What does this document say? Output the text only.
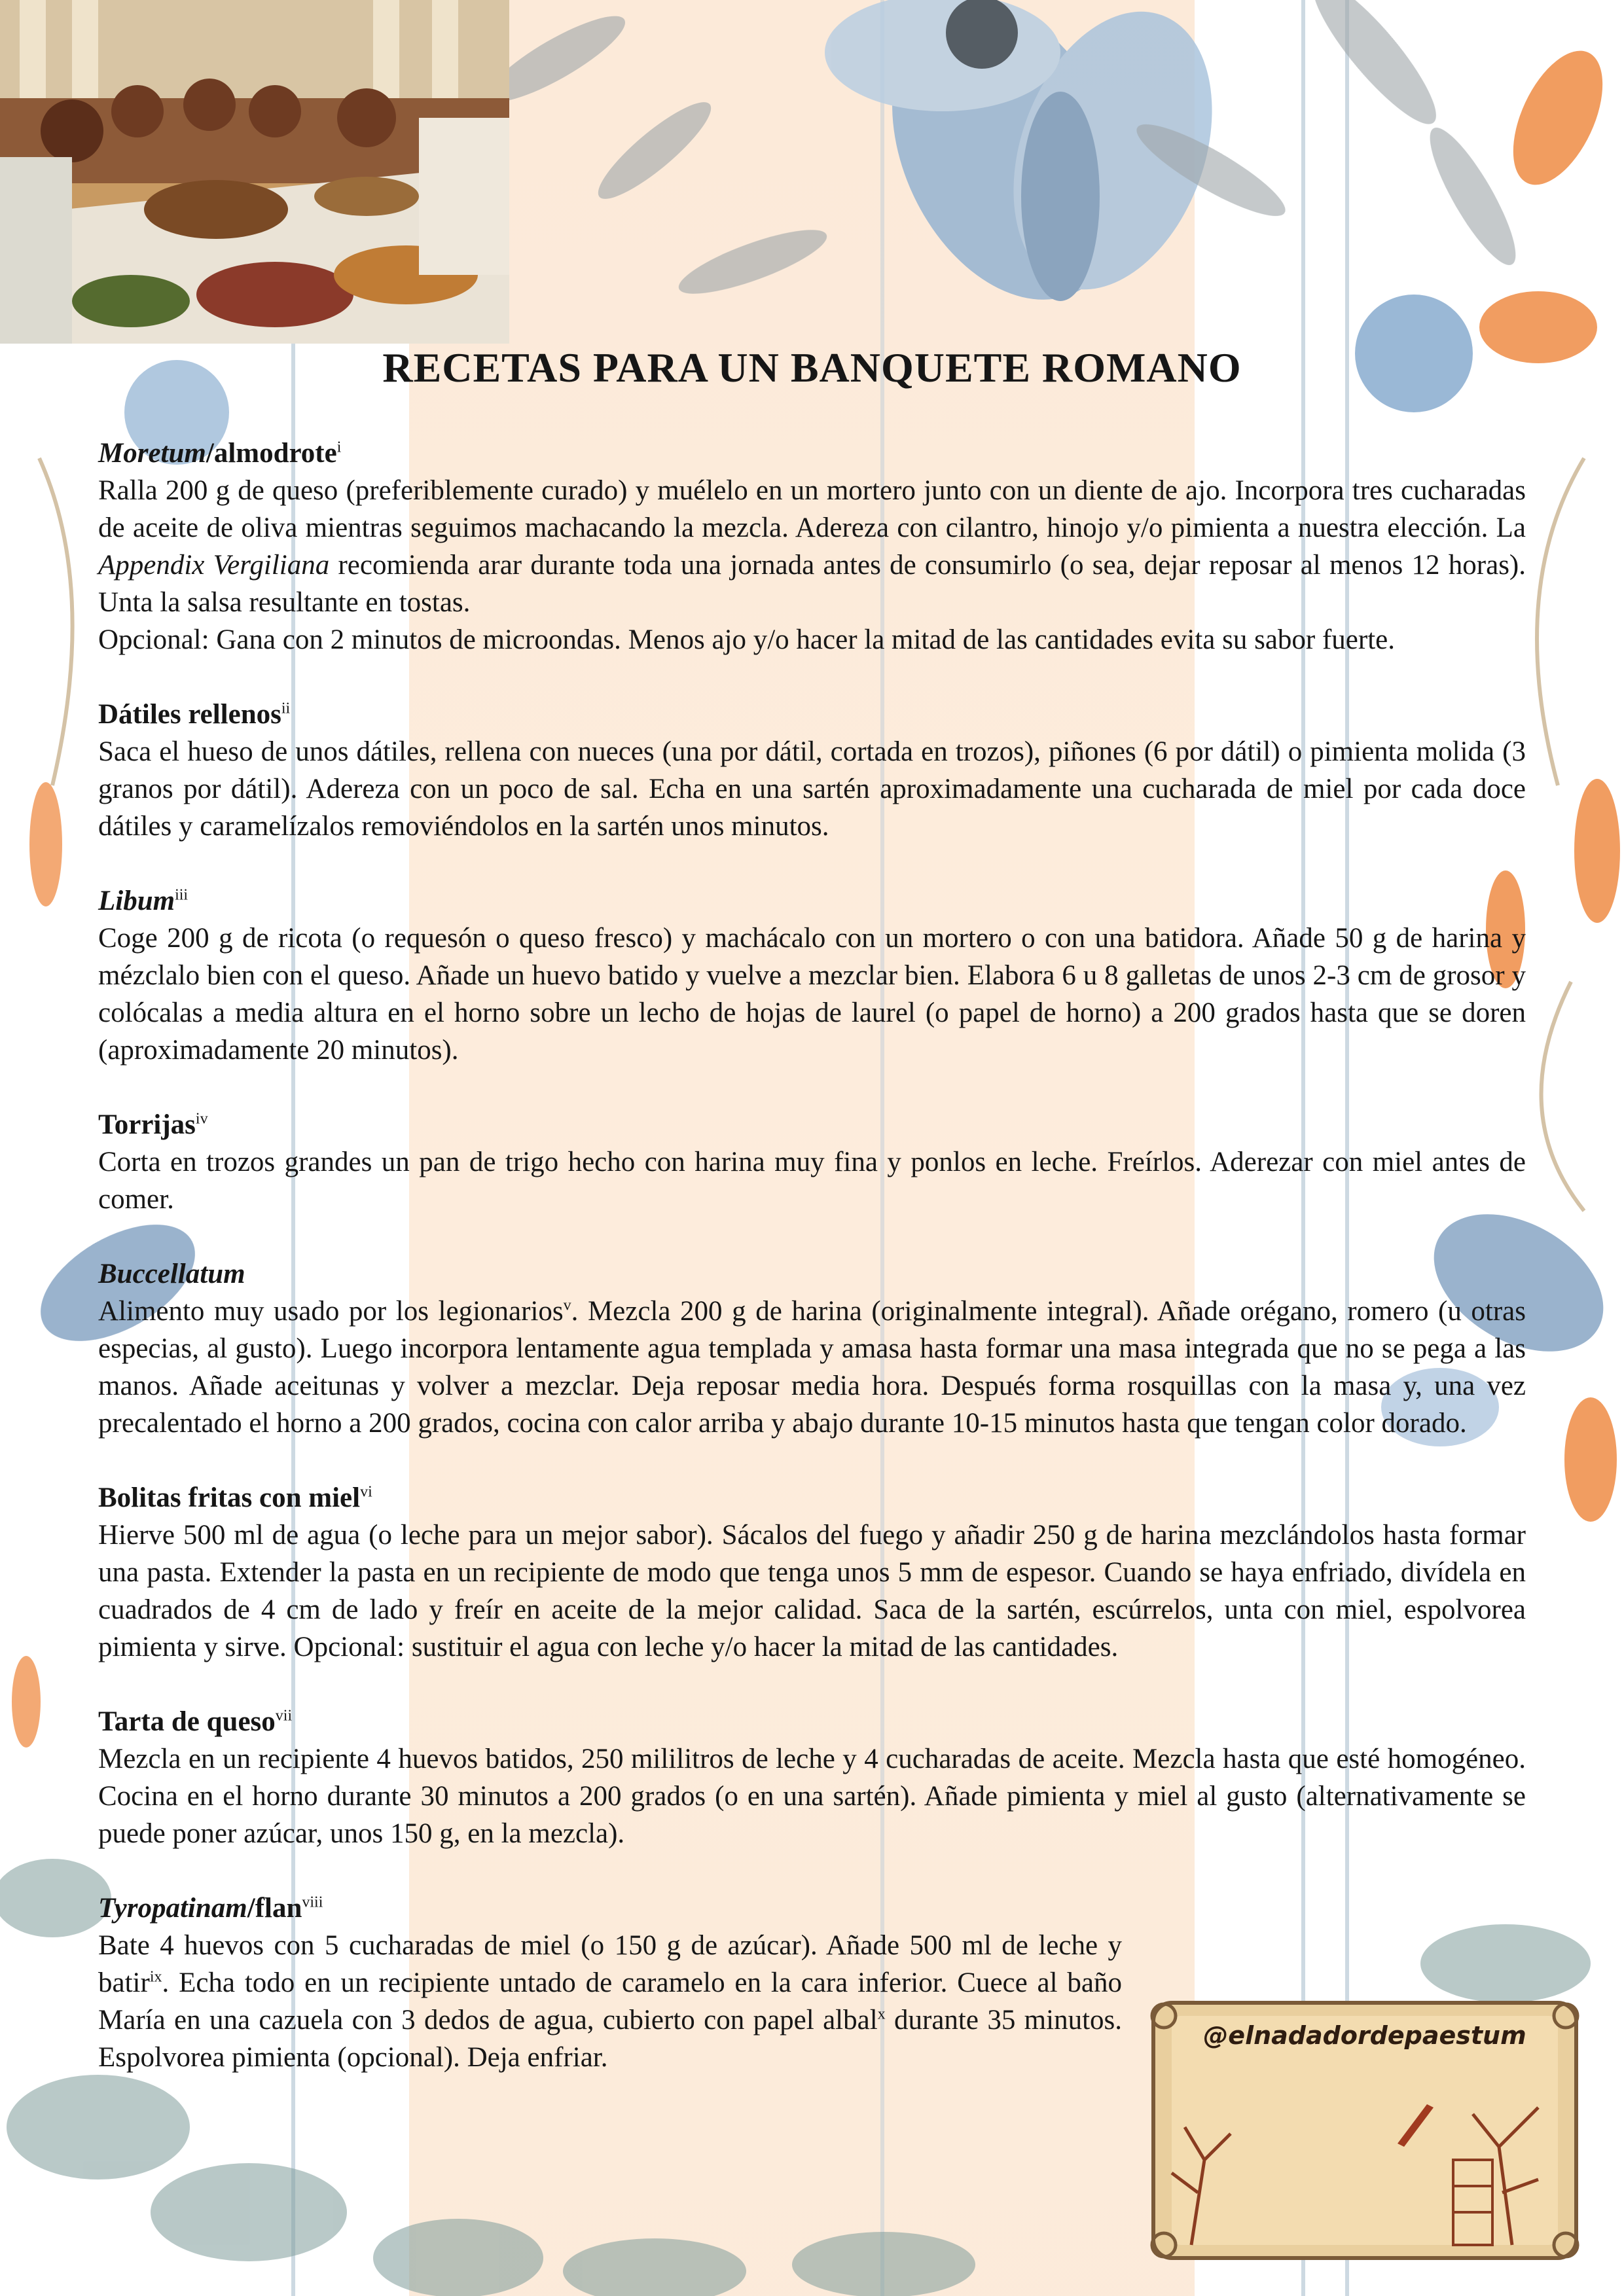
RECETAS PARA UN BANQUETE ROMANO

Moretum/almodrote$^i$

Ralla 200 g de queso (preferiblemente curado) y muélelo en un mortero junto con un diente de ajo. Incorpora tres cucharadas de aceite de oliva mientras seguimos machacando la mezcla. Adereza con cilantro, hinojo y/o pimienta a nuestra elección. La Appendix Vergiliana recomienda arar durante toda una jornada antes de consumirlo (o sea, dejar reposar al menos 12 horas). Unta la salsa resultante en tostas.

Opcional: Gana con 2 minutos de microondas. Menos ajo y/o hacer la mitad de las cantidades evita su sabor fuerte.

Dátiles rellenos$^{ii}$

Saca el hueso de unos dátiles, rellena con nueces (una por dátil, cortada en trozos), piñones (6 por dátil) o pimienta molida (3 granos por dátil). Adereza con un poco de sal. Echa en una sartén aproximadamente una cucharada de miel por cada doce dátiles y caramelízalos removiéndolos en la sartén unos minutos.

Libum$^{iii}$

Coge 200 g de ricota (o requesón o queso fresco) y machácalo con un mortero o con una batidora. Añade 50 g de harina y mézclalo bien con el queso. Añade un huevo batido y vuelve a mezclar bien. Elabora 6 u 8 galletas de unos 2-3 cm de grosor y colócalas a media altura en el horno sobre un lecho de hojas de laurel (o papel de horno) a 200 grados hasta que se doren (aproximadamente 20 minutos).

Torrijas$^{iv}$

Corta en trozos grandes un pan de trigo hecho con harina muy fina y ponlos en leche. Freírlos. Aderezar con miel antes de comer.

Buccellatum

Alimento muy usado por los legionarios$^v$. Mezcla 200 g de harina (originalmente integral). Añade orégano, romero (u otras especias, al gusto). Luego incorpora lentamente agua templada y amasa hasta formar una masa integrada que no se pega a las manos. Añade aceitunas y volver a mezclar. Deja reposar media hora. Después forma rosquillas con la masa y, una vez precalentado el horno a 200 grados, cocina con calor arriba y abajo durante 10-15 minutos hasta que tengan color dorado.

Bolitas fritas con miel$^{vi}$

Hierve 500 ml de agua (o leche para un mejor sabor). Sácalos del fuego y añadir 250 g de harina mezclándolos hasta formar una pasta. Extender la pasta en un recipiente de modo que tenga unos 5 mm de espesor. Cuando se haya enfriado, divídela en cuadrados de 4 cm de lado y freír en aceite de la mejor calidad. Saca de la sartén, escúrrelos, unta con miel, espolvorea pimienta y sirve. Opcional: sustituir el agua con leche y/o hacer la mitad de las cantidades.

Tarta de queso$^{vii}$

Mezcla en un recipiente 4 huevos batidos, 250 mililitros de leche y 4 cucharadas de aceite. Mezcla hasta que esté homogéneo. Cocina en el horno durante 30 minutos a 200 grados (o en una sartén). Añade pimienta y miel al gusto (alternativamente se puede poner azúcar, unos 150 g, en la mezcla).

Tyropatinam/flan$^{viii}$

Bate 4 huevos con 5 cucharadas de miel (o 150 g de azúcar). Añade 500 ml de leche y batir$^{ix}$. Echa todo en un recipiente untado de caramelo en la cara inferior. Cuece al baño María en una cazuela con 3 dedos de agua, cubierto con papel albal$^x$ durante 35 minutos. Espolvorea pimienta (opcional). Deja enfriar.

@elnadadordepaestum
